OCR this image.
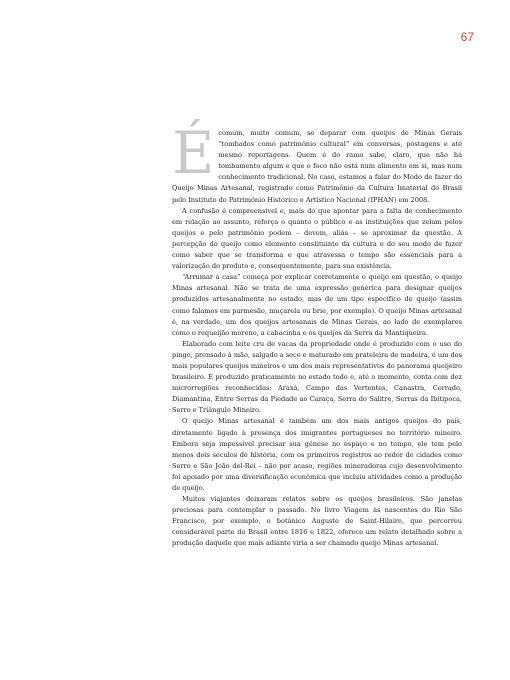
67

É comum, muito comum, se deparar com queijos de Minas Gerais “tombados como patrimônio cultural” em conversas, postagens e até mesmo reportagens. Quem é do ramo sabe, claro, que não há tombamento algum e que o foco não está num alimento em si, mas num conhecimento tradicional. No caso, estamos a falar do Modo de fazer do Queijo Minas Artesanal, registrado como Patrimônio da Cultura Imaterial do Brasil pelo Instituto do Patrimônio Histórico e Artístico Nacional (IPHAN) em 2008.

A confusão é compreensível e, mais do que apontar para a falta de conhecimento em relação ao assunto, reforça o quanto o público e as instituições que zelam pelos queijos e pelo patrimônio podem – devem, aliás – se aproximar da questão. A percepção do queijo como elemento constituinte da cultura e do seu modo de fazer como saber que se transforma e que atravessa o tempo são essenciais para a valorização do produto e, consequentemente, para sua existência.

“Arrumar a casa” começa por explicar corretamente o queijo em questão, o queijo Minas artesanal. Não se trata de uma expressão genérica para designar queijos produzidos artesanalmente no estado, mas de um tipo específico de queijo (assim como falamos em parmesão, muçarela ou brie, por exemplo). O queijo Minas artesanal é, na verdade, um dos queijos artesanais de Minas Gerais, ao lado de exemplares como o requeijão moreno, a cabacinha e os queijos da Serra da Mantiqueira.

Elaborado com leite cru de vacas da propriedade onde é produzido com o uso do pingo, prensado à mão, salgado a seco e maturado em prateleira de madeira, é um dos mais populares queijos mineiros e um dos mais representativos do panorama queijeiro brasileiro. É produzido praticamente no estado todo e, até o momento, conta com dez microrregiões reconhecidas: Araxá, Campo das Vertentes, Canastra, Cerrado, Diamantina, Entre Serras da Piedade ao Caraça, Serra do Salitre, Serras da Ibitipoca, Serro e Triângulo Mineiro.

O queijo Minas artesanal é também um dos mais antigos queijos do país, diretamente ligado à presença dos imigrantes portugueses no território mineiro. Embora seja impossível precisar sua gênese no espaço e no tempo, ele tem pelo menos dois séculos de história, com os primeiros registros ao redor de cidades como Serro e São João del-Rei – não por acaso, regiões mineradoras cujo desenvolvimento foi apoiado por uma diversificação econômica que incluiu atividades como a produção de queijo.

Muitos viajantes deixaram relatos sobre os queijos brasileiros. São janelas preciosas para contemplar o passado. No livro Viagem às nascentes do Rio São Francisco, por exemplo, o botânico Auguste de Saint-Hilaire, que percorreu considerável parte do Brasil entre 1816 e 1822, oferece um relato detalhado sobre a produção daquele que mais adiante viria a ser chamado queijo Minas artesanal.
